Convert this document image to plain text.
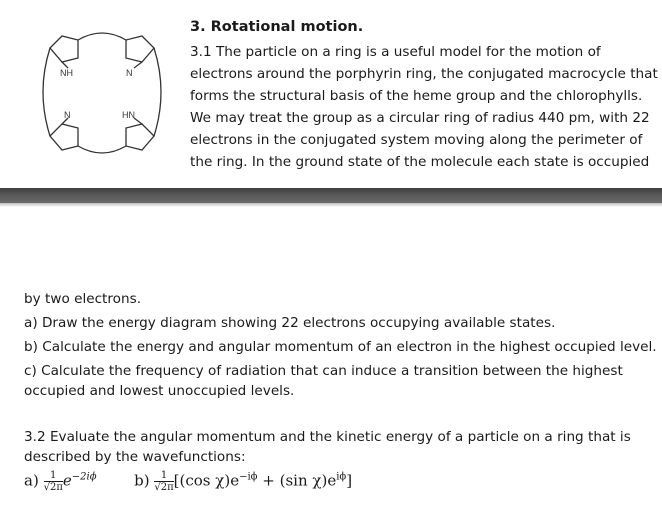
NH	N
N	HN
3. Rotational motion.
3.1 The particle on a ring is a useful model for the motion of
electrons around the porphyrin ring, the conjugated macrocycle that
forms the structural basis of the heme group and the chlorophylls.
We may treat the group as a circular ring of radius 440 pm, with 22
electrons in the conjugated system moving along the perimeter of
the ring. In the ground state of the molecule each state is occupied
by two electrons.
a) Draw the energy diagram showing 22 electrons occupying available states.
b) Calculate the energy and angular momentum of an electron in the highest occupied level.
c) Calculate the frequency of radiation that can induce a transition between the highest
occupied and lowest unoccupied levels.
3.2 Evaluate the angular momentum and the kinetic energy of a particle on a ring that is
described by the wavefunctions:
$a) \frac{1}{√2\pi} e^{-2i\phi}$	$b) \frac{1}{√2\pi} [(\cos$ $\chi)e^{-i\phi} + (\sin$ $\chi)e^{i\phi}$]
